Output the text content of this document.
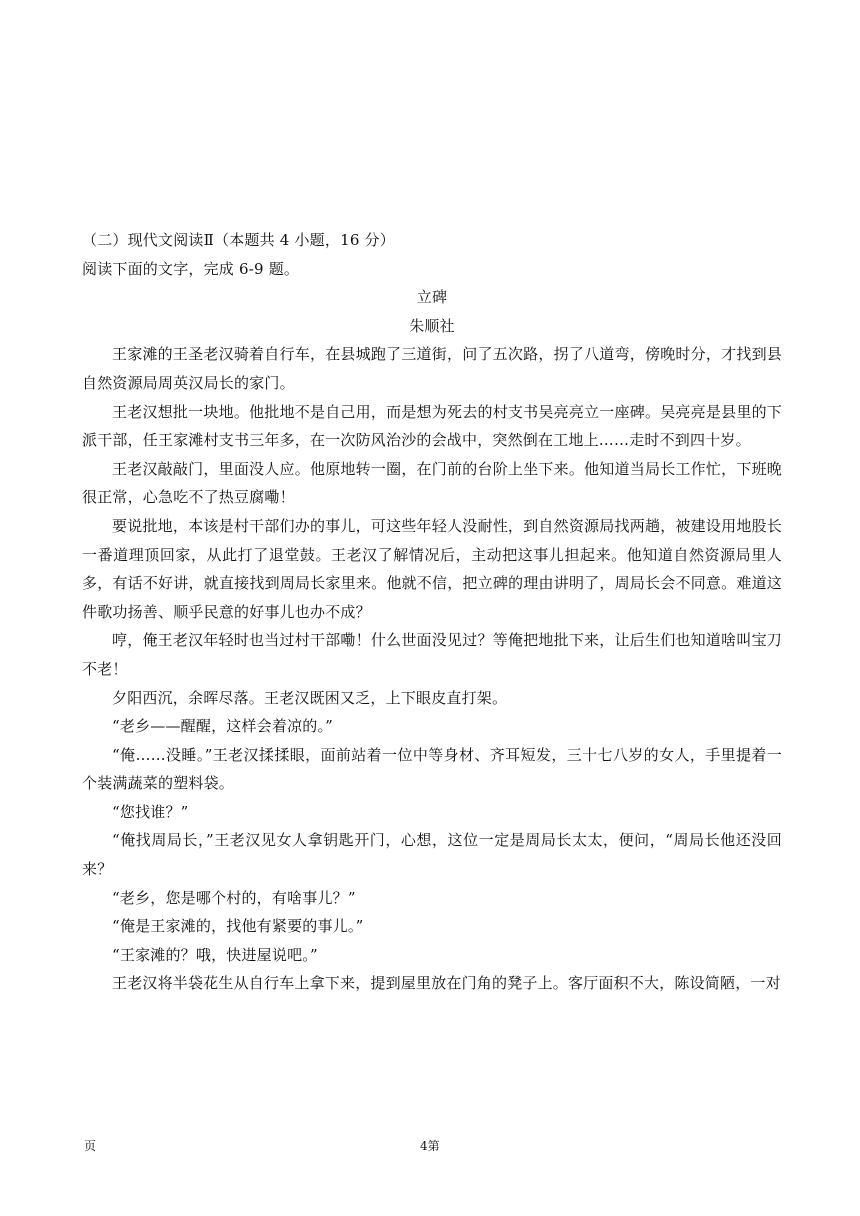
（二）现代文阅读Ⅱ（本题共 4 小题，16 分）

阅读下面的文字，完成 6-9 题。

立碑

朱顺社

王家滩的王圣老汉骑着自行车，在县城跑了三道街，问了五次路，拐了八道弯，傍晚时分，才找到县自然资源局周英汉局长的家门。

王老汉想批一块地。他批地不是自己用，而是想为死去的村支书吴亮亮立一座碑。吴亮亮是县里的下派干部，任王家滩村支书三年多，在一次防风治沙的会战中，突然倒在工地上……走时不到四十岁。

王老汉敲敲门，里面没人应。他原地转一圈，在门前的台阶上坐下来。他知道当局长工作忙，下班晚很正常，心急吃不了热豆腐嘞！

要说批地，本该是村干部们办的事儿，可这些年轻人没耐性，到自然资源局找两趟，被建设用地股长一番道理顶回家，从此打了退堂鼓。王老汉了解情况后，主动把这事儿担起来。他知道自然资源局里人多，有话不好讲，就直接找到周局长家里来。他就不信，把立碑的理由讲明了，周局长会不同意。难道这件歌功扬善、顺乎民意的好事儿也办不成？

哼，俺王老汉年轻时也当过村干部嘞！什么世面没见过？等俺把地批下来，让后生们也知道啥叫宝刀不老！

夕阳西沉，余晖尽落。王老汉既困又乏，上下眼皮直打架。

“老乡——醒醒，这样会着凉的。”

“俺……没睡。”王老汉揉揉眼，面前站着一位中等身材、齐耳短发，三十七八岁的女人，手里提着一个装满蔬菜的塑料袋。

“您找谁？”

“俺找周局长，”王老汉见女人拿钥匙开门，心想，这位一定是周局长太太，便问，“周局长他还没回来？

“老乡，您是哪个村的，有啥事儿？”

“俺是王家滩的，找他有紧要的事儿。”

“王家滩的？哦，快进屋说吧。”

王老汉将半袋花生从自行车上拿下来，提到屋里放在门角的凳子上。客厅面积不大，陈设简陋，一对

页	4第
